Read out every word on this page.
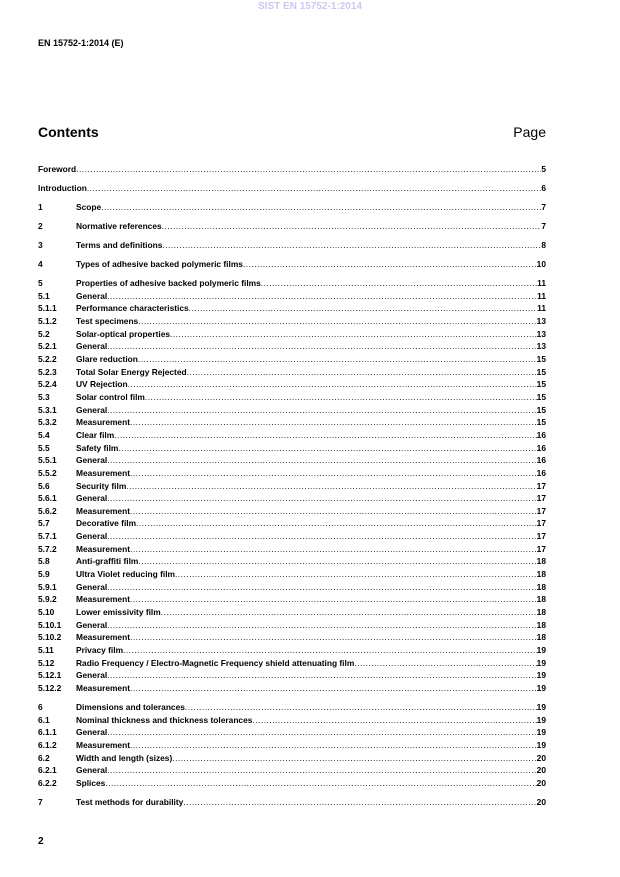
SIST EN 15752-1:2014
EN 15752-1:2014 (E)
Contents	Page
Foreword .....	5
Introduction .....	6
1	Scope .....	7
2	Normative references .....	7
3	Terms and definitions .....	8
4	Types of adhesive backed polymeric films .....	10
5	Properties of adhesive backed polymeric films .....	11
5.1	General .....	11
5.1.1	Performance characteristics .....	11
5.1.2	Test specimens .....	13
5.2	Solar-optical properties .....	13
5.2.1	General .....	13
5.2.2	Glare reduction .....	15
5.2.3	Total Solar Energy Rejected .....	15
5.2.4	UV Rejection .....	15
5.3	Solar control film .....	15
5.3.1	General .....	15
5.3.2	Measurement .....	15
5.4	Clear film .....	16
5.5	Safety film .....	16
5.5.1	General .....	16
5.5.2	Measurement .....	16
5.6	Security film .....	17
5.6.1	General .....	17
5.6.2	Measurement .....	17
5.7	Decorative film .....	17
5.7.1	General .....	17
5.7.2	Measurement .....	17
5.8	Anti-graffiti film .....	18
5.9	Ultra Violet reducing film .....	18
5.9.1	General .....	18
5.9.2	Measurement .....	18
5.10	Lower emissivity film .....	18
5.10.1	General .....	18
5.10.2	Measurement .....	18
5.11	Privacy film .....	19
5.12	Radio Frequency / Electro-Magnetic Frequency shield attenuating film .....	19
5.12.1	General .....	19
5.12.2	Measurement .....	19
6	Dimensions and tolerances .....	19
6.1	Nominal thickness and thickness tolerances .....	19
6.1.1	General .....	19
6.1.2	Measurement .....	19
6.2	Width and length (sizes) .....	20
6.2.1	General .....	20
6.2.2	Splices .....	20
7	Test methods for durability .....	20
2
